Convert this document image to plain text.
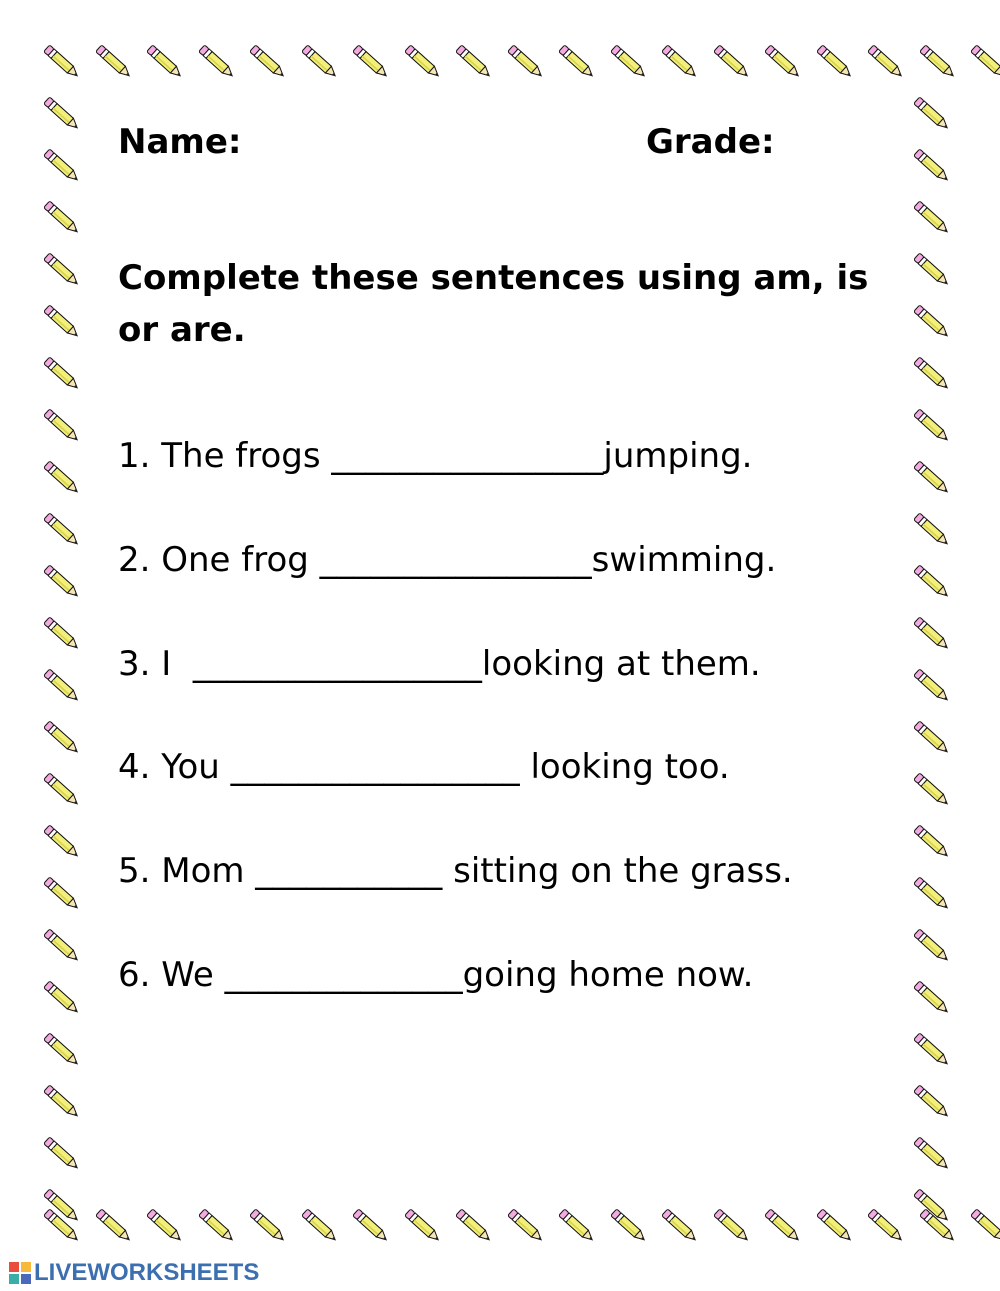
Name:	Grade:
Complete these sentences using am, is or are.
1. The frogs ________________jumping.
2. One frog ________________swimming.
3. I  _________________looking at them.
4. You _________________ looking too.
5. Mom ___________ sitting on the grass.
6. We ______________going home now.
LIVEWORKSHEETS
